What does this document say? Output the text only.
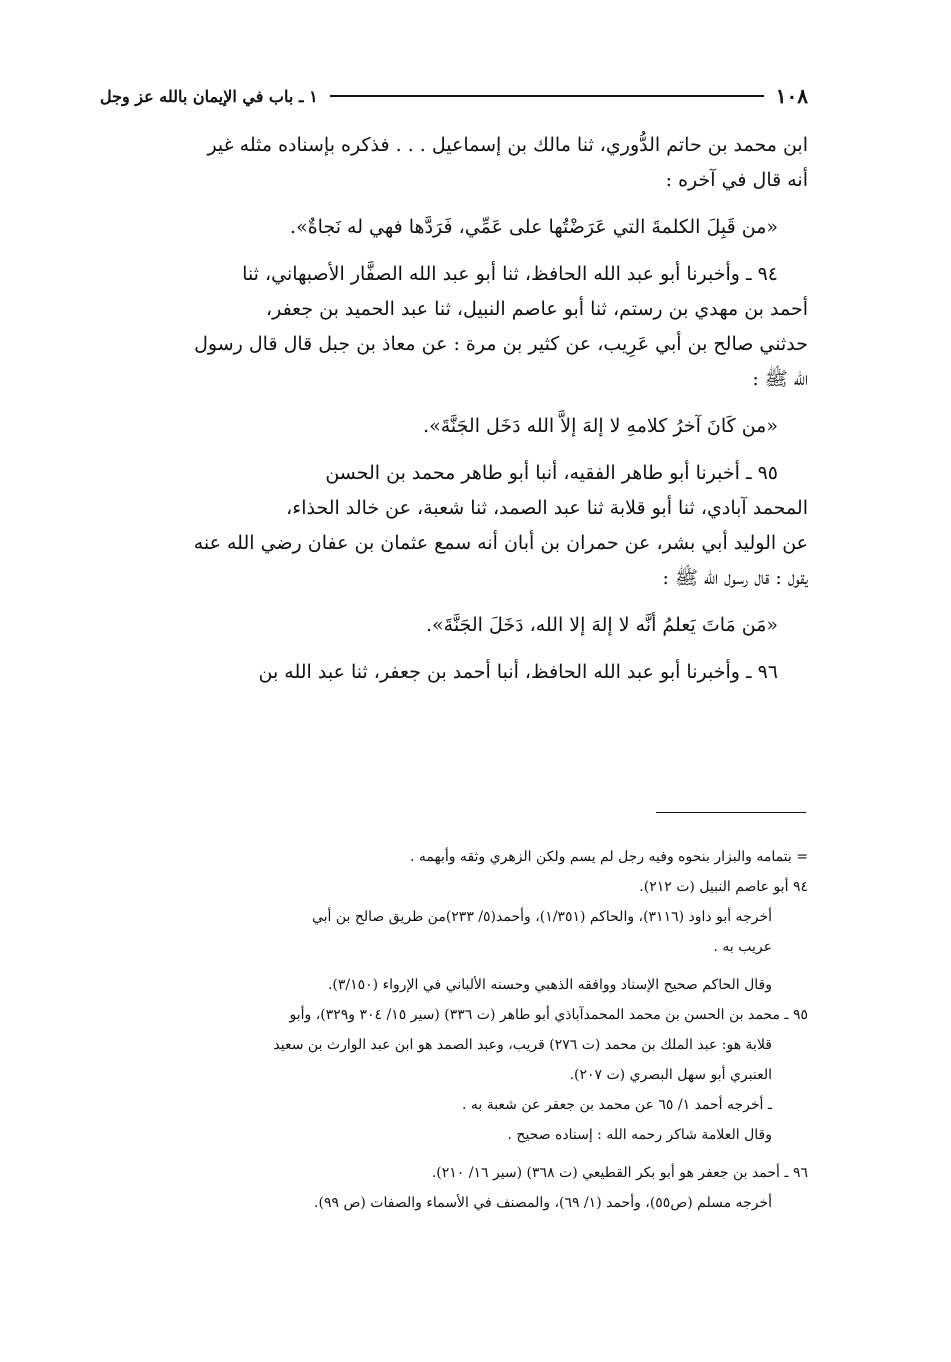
١٠٨
١ ـ باب في الإيمان بالله عز وجل
ابن محمد بن حاتم الدُّوري، ثنا مالك بن إسماعيل . . . فذكره بإسناده مثله غير
أنه قال في آخره :
«من قَبِلَ الكلمةَ التي عَرَضْتُها على عَمِّي، فَرَدَّها فهي له نَجاةٌ».
٩٤ ـ وأخبرنا أبو عبد الله الحافظ، ثنا أبو عبد الله الصفَّار الأصبهاني، ثنا
أحمد بن مهدي بن رستم، ثنا أبو عاصم النبيل، ثنا عبد الحميد بن جعفر،
حدثني صالح بن أبي عَرِيب، عن كثير بن مرة : عن معاذ بن جبل قال قال رسول
الله ﷺ :
«من كَانَ آخرُ كلامهِ لا إلهَ إلاَّ الله دَخَل الجَنَّةَ».
٩٥ ـ أخبرنا أبو طاهر الفقيه، أنبا أبو طاهر محمد بن الحسن
المحمد آبادي، ثنا أبو قلابة ثنا عبد الصمد، ثنا شعبة، عن خالد الحذاء،
عن الوليد أبي بشر، عن حمران بن أبان أنه سمع عثمان بن عفان رضي الله عنه
يقول : قال رسول الله ﷺ :
«مَن مَاتَ يَعلمُ أنَّه لا إلهَ إلا الله، دَخَلَ الجَنَّةَ».
٩٦ ـ وأخبرنا أبو عبد الله الحافظ، أنبا أحمد بن جعفر، ثنا عبد الله بن
= بتمامه والبزار بنحوه وفيه رجل لم يسم ولكن الزهري وثقه وأبهمه .
٩٤ أبو عاصم النبيل (ت ٢١٢).
أخرجه أبو داود (٣١١٦)، والحاكم (١/٣٥١)، وأحمد(٥/ ٢٣٣)من طريق صالح بن أبي
عريب به .
وقال الحاكم صحيح الإسناد ووافقه الذهبي وحسنه الألباني في الإرواء (٣/١٥٠).
٩٥ ـ محمد بن الحسن بن محمد المحمدآباذي أبو طاهر (ت ٣٣٦) (سير ١٥/ ٣٠٤ و٣٢٩)، وأبو
قلابة هو: عبد الملك بن محمد (ت ٢٧٦) قريب، وعبد الصمد هو ابن عبد الوارث بن سعيد
العنبري أبو سهل البصري (ت ٢٠٧).
ـ أخرجه أحمد ١/ ٦٥ عن محمد بن جعفر عن شعبة به .
وقال العلامة شاكر رحمه الله : إسناده صحيح .
٩٦ ـ أحمد بن جعفر هو أبو بكر القطيعي (ت ٣٦٨) (سير ١٦/ ٢١٠).
أخرجه مسلم (ص٥٥)، وأحمد (١/ ٦٩)، والمصنف في الأسماء والصفات (ص ٩٩).
